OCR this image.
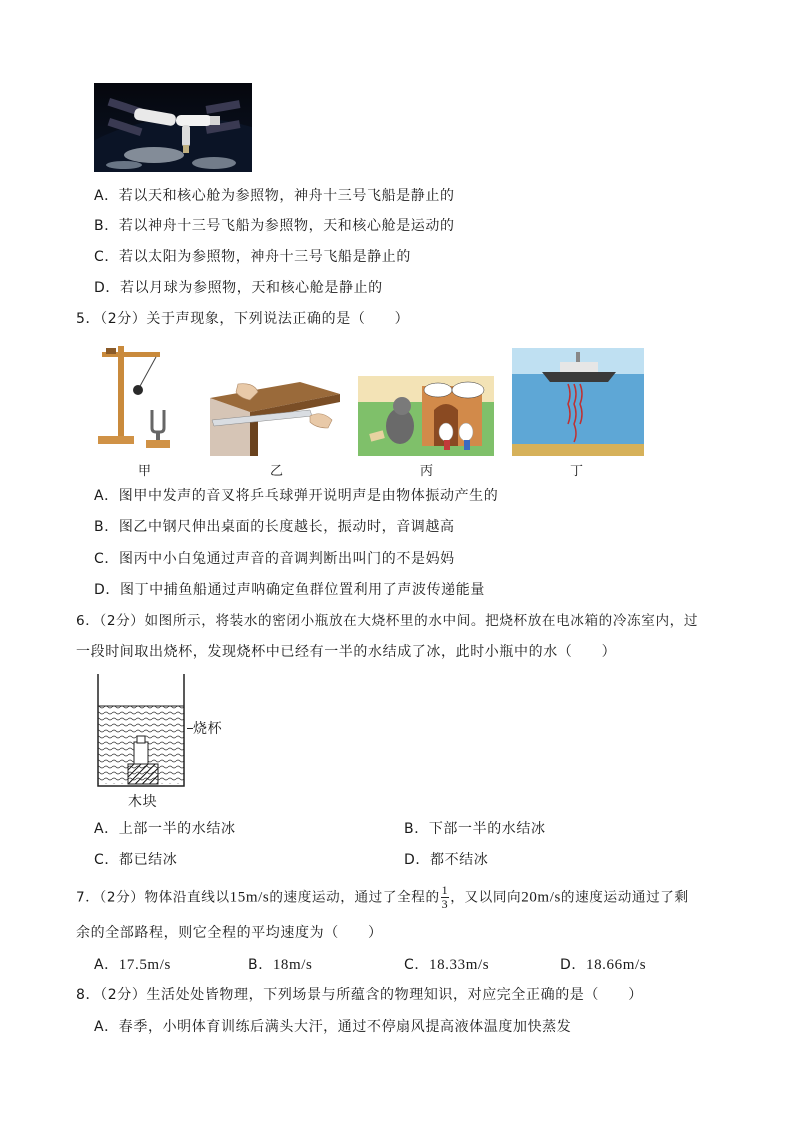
A．若以天和核心舱为参照物，神舟十三号飞船是静止的
B．若以神舟十三号飞船为参照物，天和核心舱是运动的
C．若以太阳为参照物，神舟十三号飞船是静止的
D．若以月球为参照物，天和核心舱是静止的
5．（2分）关于声现象，下列说法正确的是（　　）
甲	乙	丙	丁
A．图甲中发声的音叉将乒乓球弹开说明声是由物体振动产生的
B．图乙中钢尺伸出桌面的长度越长，振动时，音调越高
C．图丙中小白兔通过声音的音调判断出叫门的不是妈妈
D．图丁中捕鱼船通过声呐确定鱼群位置利用了声波传递能量
6．（2分）如图所示，将装水的密闭小瓶放在大烧杯里的水中间。把烧杯放在电冰箱的冷冻室内，过
一段时间取出烧杯，发现烧杯中已经有一半的水结成了冰，此时小瓶中的水（　　）
烧杯
木块
A．上部一半的水结冰	B．下部一半的水结冰
C．都已结冰	D．都不结冰
7．（2分）物体沿直线以15m/s的速度运动，通过了全程的 $\frac{1}{3}$ ，又以同向20m/s的速度运动通过了剩
余的全部路程，则它全程的平均速度为（　　）
A．17.5m/s	B．18m/s	C．18.33m/s	D．18.66m/s
8．（2分）生活处处皆物理，下列场景与所蕴含的物理知识，对应完全正确的是（　　）
A．春季，小明体育训练后满头大汗，通过不停扇风提高液体温度加快蒸发
